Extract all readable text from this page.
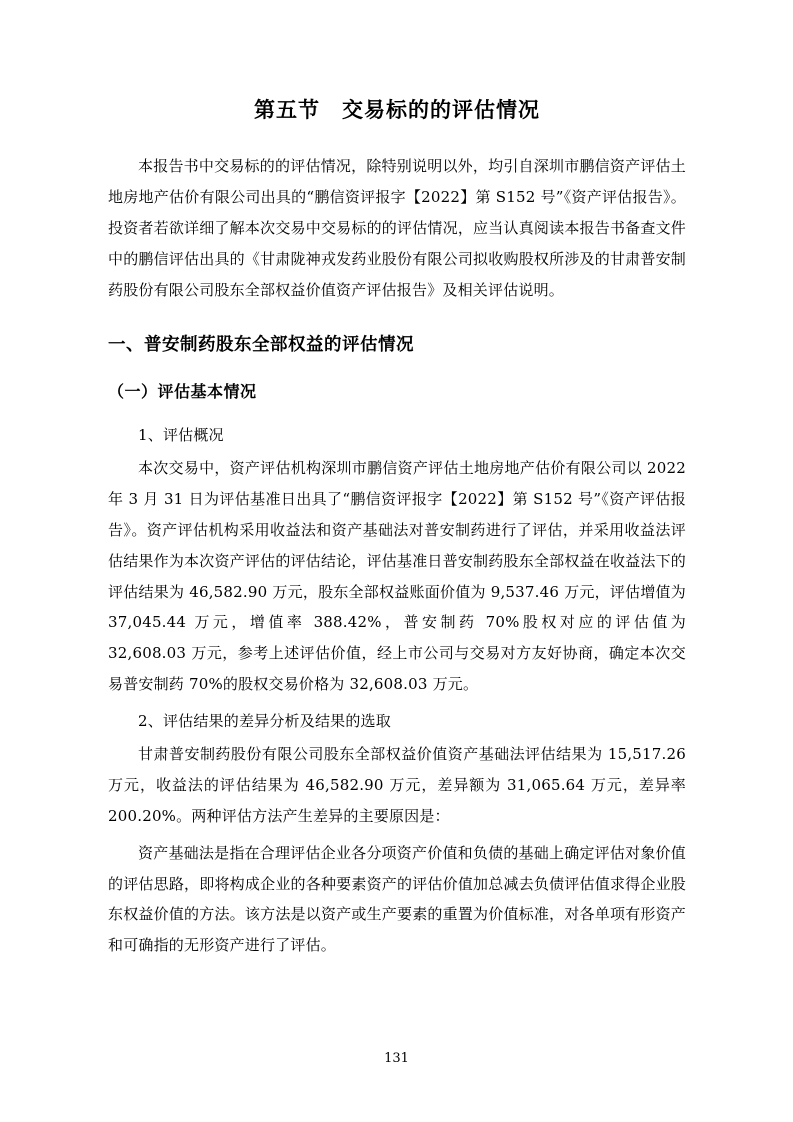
第五节　交易标的的评估情况

本报告书中交易标的的评估情况，除特别说明以外，均引自深圳市鹏信资产评估土地房地产估价有限公司出具的“鹏信资评报字【2022】第 S152 号”《资产评估报告》。投资者若欲详细了解本次交易中交易标的的评估情况，应当认真阅读本报告书备查文件中的鹏信评估出具的《甘肃陇神戎发药业股份有限公司拟收购股权所涉及的甘肃普安制药股份有限公司股东全部权益价值资产评估报告》及相关评估说明。

一、普安制药股东全部权益的评估情况
（一）评估基本情况

1、评估概况

本次交易中，资产评估机构深圳市鹏信资产评估土地房地产估价有限公司以 2022 年 3 月 31 日为评估基准日出具了“鹏信资评报字【2022】第 S152 号”《资产评估报告》。资产评估机构采用收益法和资产基础法对普安制药进行了评估，并采用收益法评估结果作为本次资产评估的评估结论，评估基准日普安制药股东全部权益在收益法下的评估结果为 46,582.90 万元，股东全部权益账面价值为 9,537.46 万元，评估增值为 37,045.44 万元，增值率 388.42%，普安制药 70%股权对应的评估值为 32,608.03 万元，参考上述评估价值，经上市公司与交易对方友好协商，确定本次交易普安制药 70%的股权交易价格为 32,608.03 万元。

2、评估结果的差异分析及结果的选取

甘肃普安制药股份有限公司股东全部权益价值资产基础法评估结果为 15,517.26 万元，收益法的评估结果为 46,582.90 万元，差异额为 31,065.64 万元，差异率 200.20%。两种评估方法产生差异的主要原因是：

资产基础法是指在合理评估企业各分项资产价值和负债的基础上确定评估对象价值的评估思路，即将构成企业的各种要素资产的评估价值加总减去负债评估值求得企业股东权益价值的方法。该方法是以资产或生产要素的重置为价值标准，对各单项有形资产和可确指的无形资产进行了评估。

131
